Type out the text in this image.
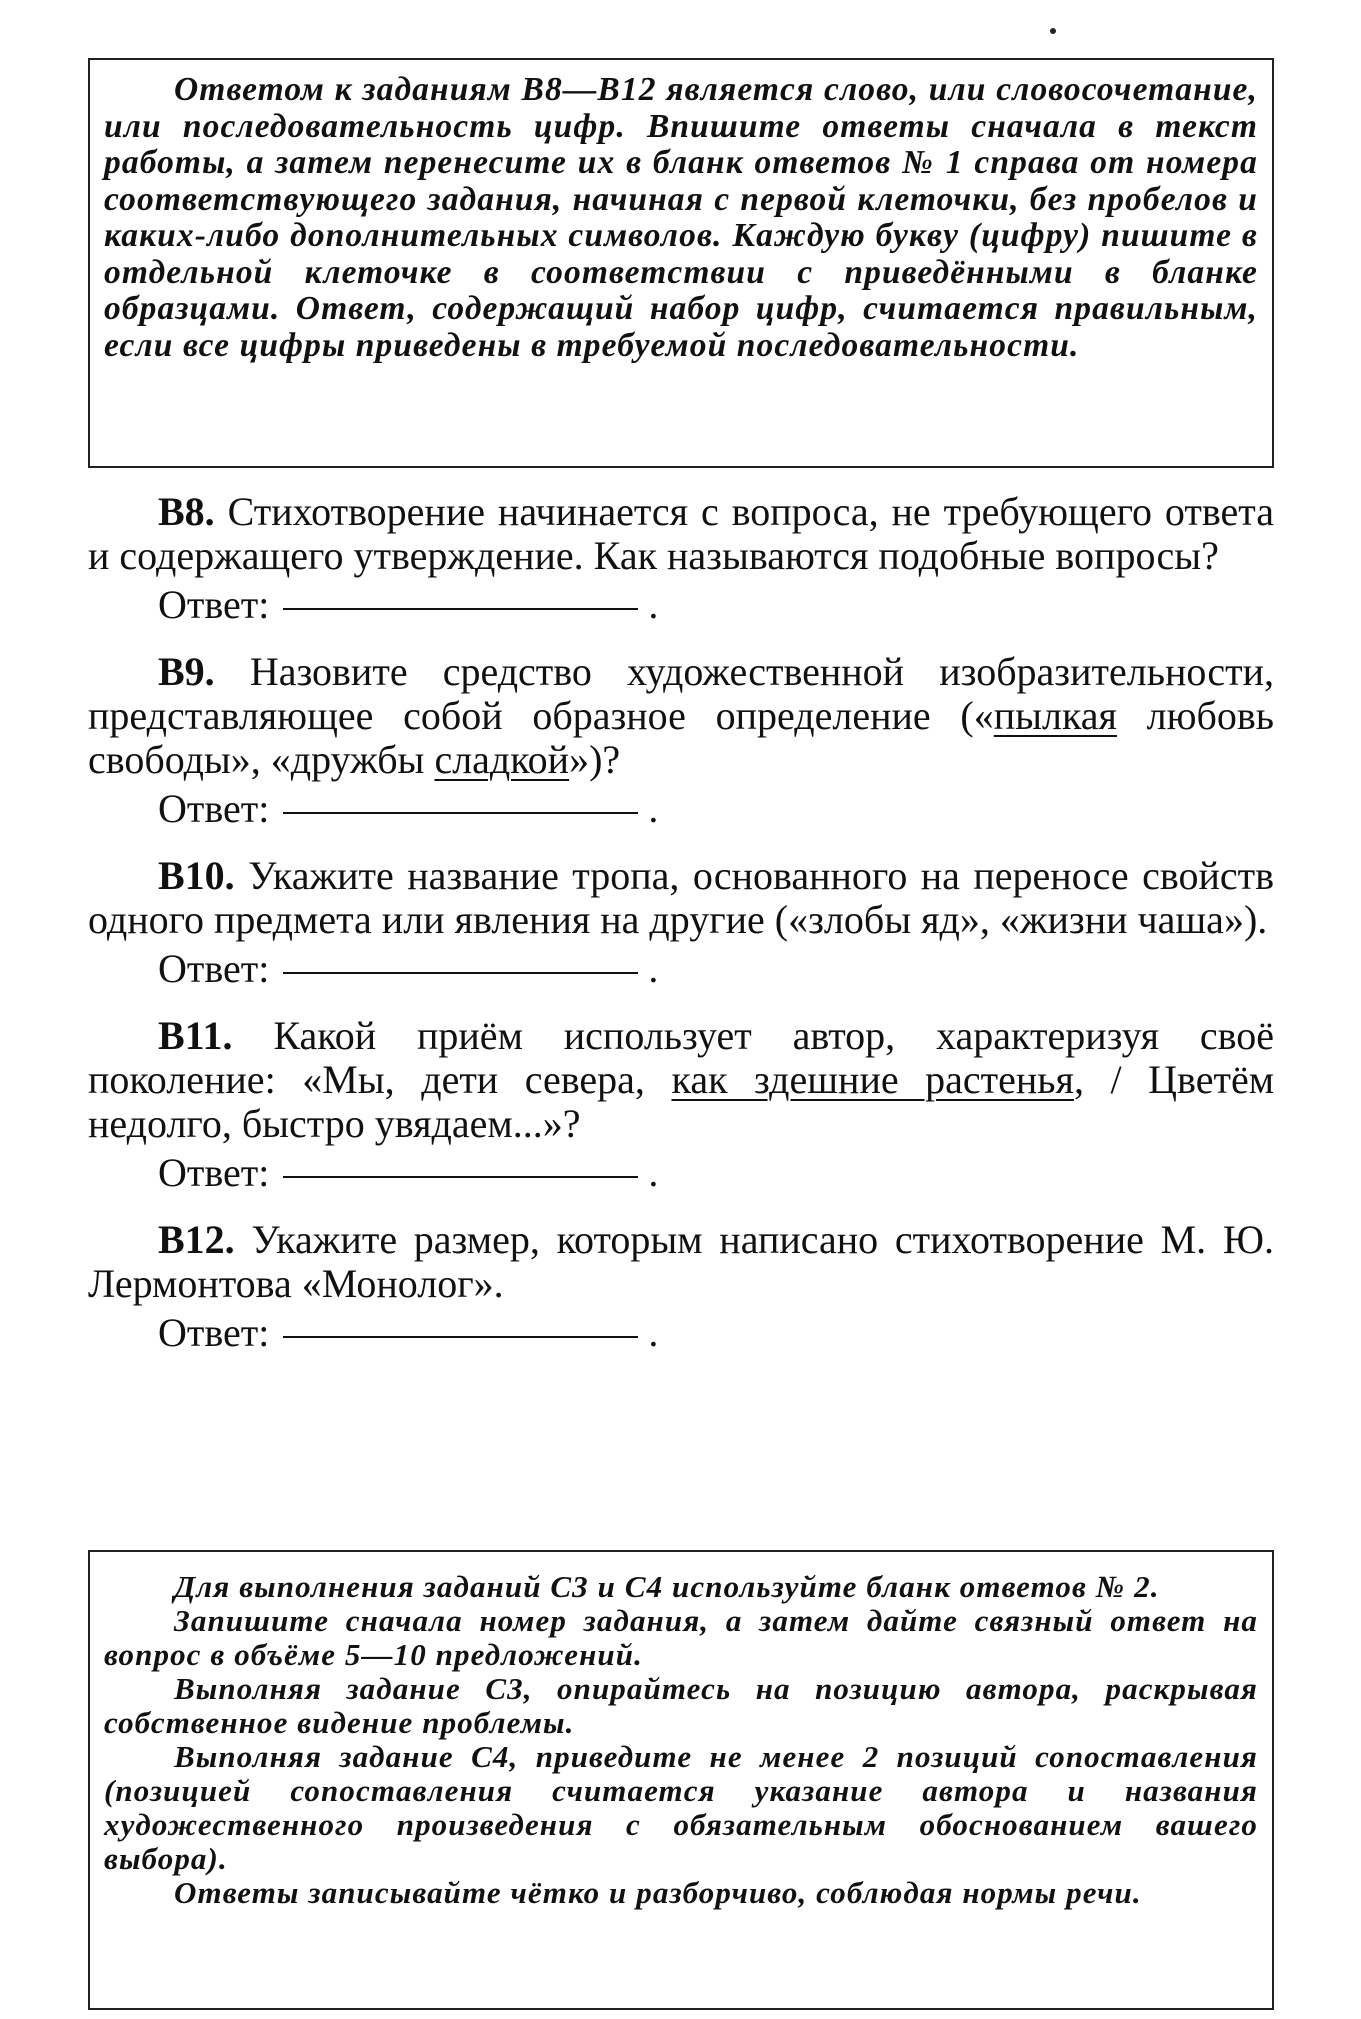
Ответом к заданиям В8—В12 является слово, или словосочетание, или последовательность цифр. Впишите ответы сначала в текст работы, а затем перенесите их в бланк ответов № 1 справа от номера соответствующего задания, начиная с первой клеточки, без пробелов и каких-либо дополнительных символов. Каждую букву (цифру) пишите в отдельной клеточке в соответствии с приведёнными в бланке образцами. Ответ, содержащий набор цифр, считается правильным, если все цифры приведены в требуемой последовательности.

В8. Стихотворение начинается с вопроса, не требующего ответа и содержащего утверждение. Как называются подобные вопросы?

Ответ:	.

В9. Назовите средство художественной изобразительности, представляющее собой образное определение («пылкая любовь свободы», «дружбы сладкой»)?

Ответ:	.

В10. Укажите название тропа, основанного на переносе свойств одного предмета или явления на другие («злобы яд», «жизни чаша»).

Ответ:	.

В11. Какой приём использует автор, характеризуя своё поколение: «Мы, дети севера, как здешние растенья, / Цветём недолго, быстро увядаем...»?

Ответ:	.

В12. Укажите размер, которым написано стихотворение М. Ю. Лермонтова «Монолог».

Ответ:	.

Для выполнения заданий С3 и С4 используйте бланк ответов № 2.

Запишите сначала номер задания, а затем дайте связный ответ на вопрос в объёме 5—10 предложений.

Выполняя задание С3, опирайтесь на позицию автора, раскрывая собственное видение проблемы.

Выполняя задание С4, приведите не менее 2 позиций сопоставления (позицией сопоставления считается указание автора и названия художественного произведения с обязательным обоснованием вашего выбора).

Ответы записывайте чётко и разборчиво, соблюдая нормы речи.
